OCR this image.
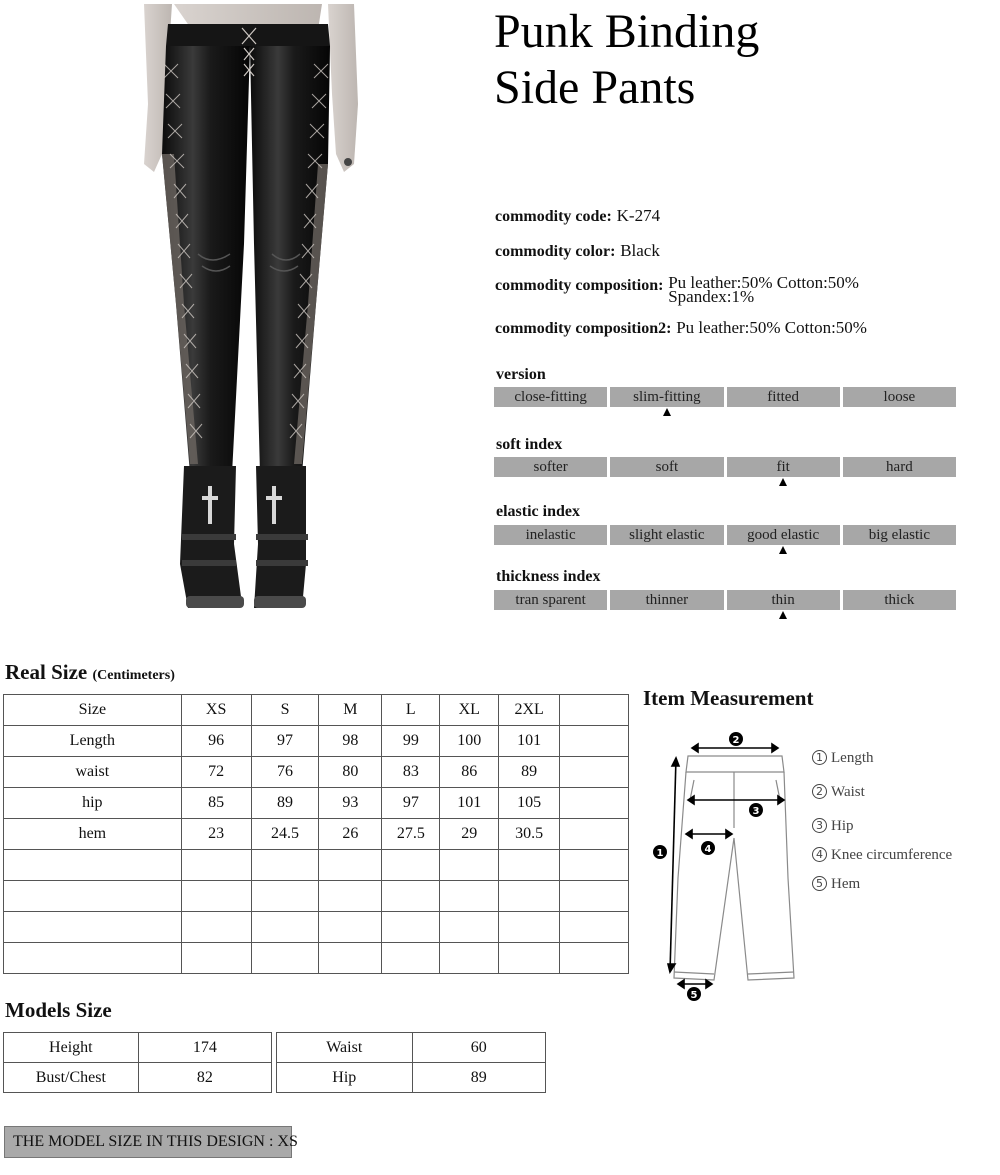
Punk Binding
Side Pants
commodity code: K-274
commodity color: Black
commodity composition: Pu leather:50% Cotton:50%
Spandex:1%
commodity composition2: Pu leather:50% Cotton:50%
version
close-fitting	slim-fitting	fitted	loose
soft index
softer	soft	fit	hard
elastic index
inelastic	slight elastic	good elastic	big elastic
thickness index
tran sparent	thinner	thin	thick
Real Size (Centimeters)
Size	XS	S	M	L	XL	2XL	
Length	96	97	98	99	100	101	
waist	72	76	80	83	86	89	
hip	85	89	93	97	101	105	
hem	23	24.5	26	27.5	29	30.5	

Item Measurement
2
3
4
1
5
1 Length
2 Waist
3 Hip
4 Knee circumference
5 Hem
Models Size
Height	174
Bust/Chest	82
Waist	60
Hip	89
THE MODEL SIZE IN THIS DESIGN : XS
